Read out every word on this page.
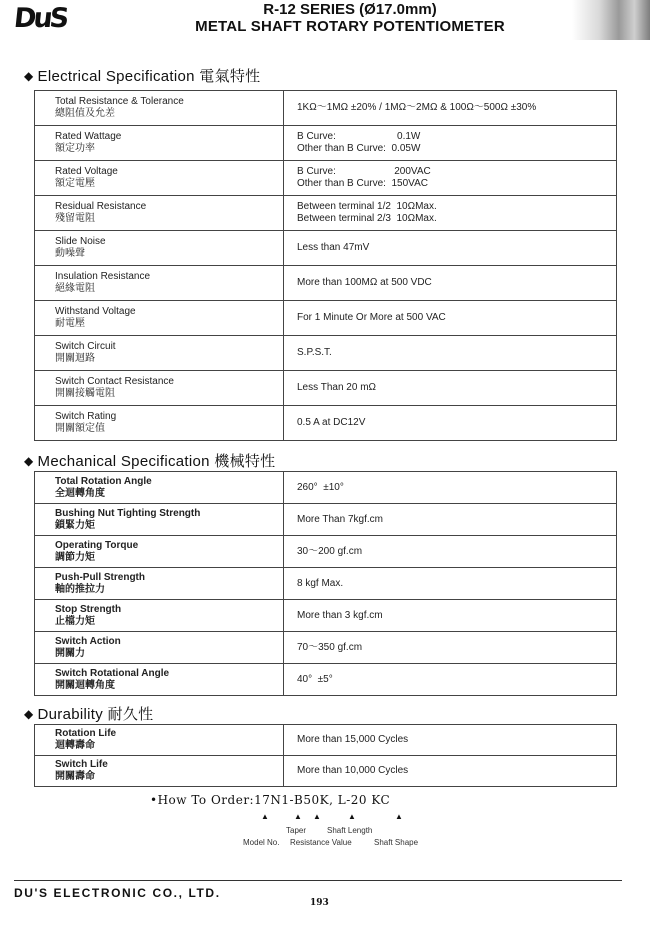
DuS	R-12 SERIES (Ø17.0mm)
METAL SHAFT ROTARY POTENTIOMETER
◆ Electrical Specification 電氣特性
Total Resistance & Tolerance
總阻值及允差	1KΩ～1MΩ ±20% / 1MΩ～2MΩ & 100Ω～500Ω ±30%

Rated Wattage
額定功率	B Curve:                      0.1W
Other than B Curve:  0.05W

Rated Voltage
額定電壓	B Curve:                     200VAC
Other than B Curve:  150VAC

Residual Resistance
殘留電阻	Between terminal 1/2  10ΩMax.
Between terminal 2/3  10ΩMax.

Slide Noise
動噪聲	Less than 47mV

Insulation Resistance
絕緣電阻	More than 100MΩ at 500 VDC

Withstand Voltage
耐電壓	For 1 Minute Or More at 500 VAC

Switch Circuit
開關迴路	S.P.S.T.

Switch Contact Resistance
開關接觸電阻	Less Than 20 mΩ

Switch Rating
開關額定值	0.5 A at DC12V
◆ Mechanical Specification 機械特性
Total Rotation Angle
全迴轉角度	260°  ±10°

Bushing Nut Tighting Strength
鎖緊力矩	More Than 7kgf.cm

Operating Torque
調節力矩	30～200 gf.cm

Push-Pull Strength
軸的推拉力	8 kgf Max.

Stop Strength
止檔力矩	More than 3 kgf.cm

Switch Action
開關力	70～350 gf.cm

Switch Rotational Angle
開關迴轉角度	40°  ±5°
◆ Durability 耐久性
Rotation Life
迴轉壽命	More than 15,000 Cycles

Switch Life
開關壽命	More than 10,000 Cycles
•How To Order:17N1-B50K, L-20 KC
▲	▲ ▲	▲	▲
Taper	Shaft Length
Model No. Resistance Value	Shaft Shape
DU'S ELECTRONIC CO., LTD.
193
